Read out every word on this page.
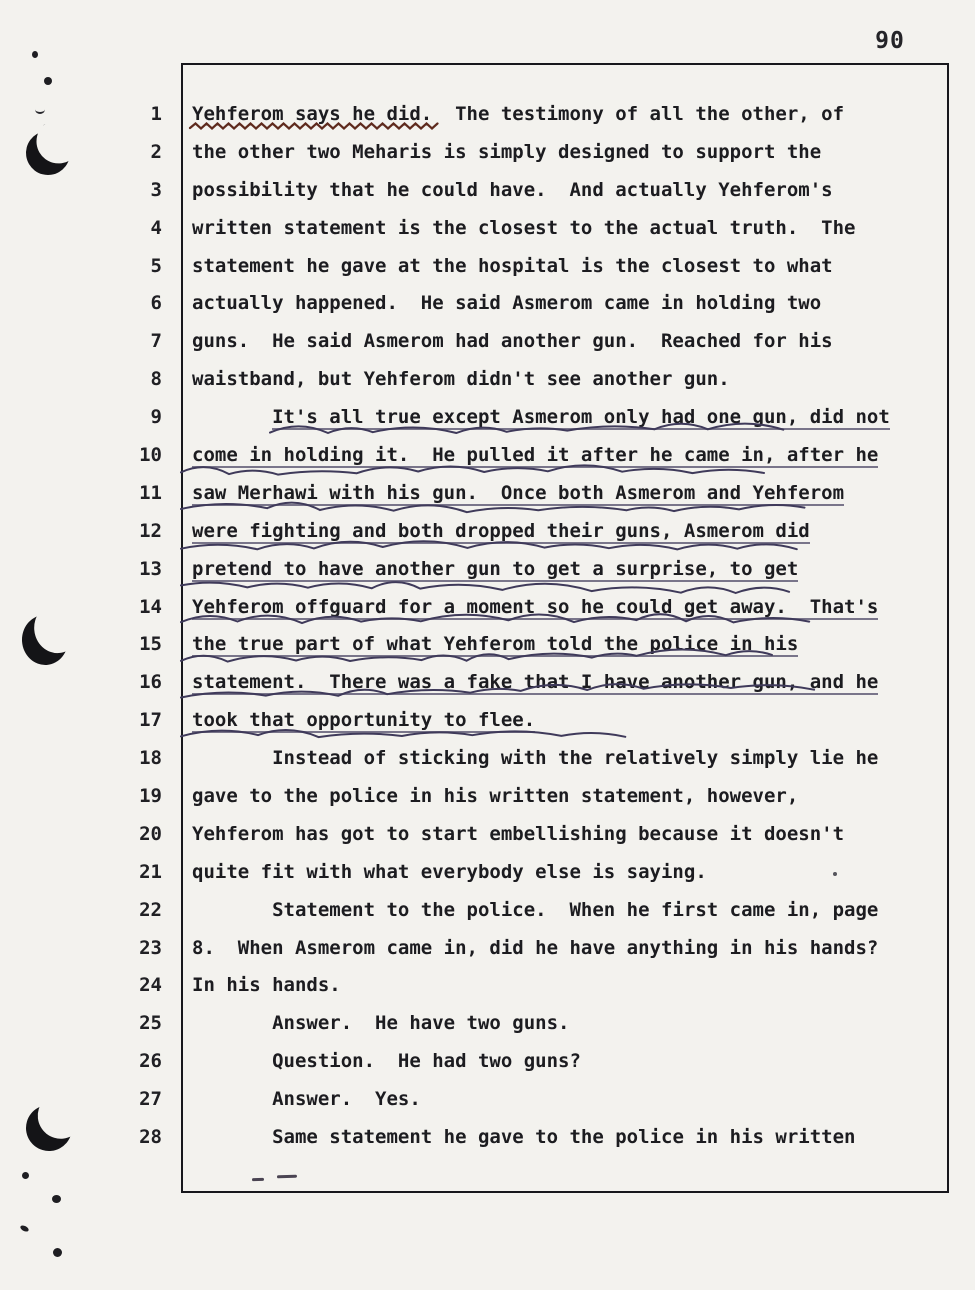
90
1	Yehferom says he did.  The testimony of all the other, of
2	the other two Meharis is simply designed to support the
3	possibility that he could have.  And actually Yehferom's
4	written statement is the closest to the actual truth.  The
5	statement he gave at the hospital is the closest to what
6	actually happened.  He said Asmerom came in holding two
7	guns.  He said Asmerom had another gun.  Reached for his
8	waistband, but Yehferom didn't see another gun.
9	It's all true except Asmerom only had one gun, did not
10	come in holding it.  He pulled it after he came in, after he
11	saw Merhawi with his gun.  Once both Asmerom and Yehferom
12	were fighting and both dropped their guns, Asmerom did
13	pretend to have another gun to get a surprise, to get
14	Yehferom offguard for a moment so he could get away.  That's
15	the true part of what Yehferom told the police in his
16	statement.  There was a fake that I have another gun, and he
17	took that opportunity to flee.
18	Instead of sticking with the relatively simply lie he
19	gave to the police in his written statement, however,
20	Yehferom has got to start embellishing because it doesn't
21	quite fit with what everybody else is saying.
22	Statement to the police.  When he first came in, page
23	8.  When Asmerom came in, did he have anything in his hands?
24	In his hands.
25	Answer.  He have two guns.
26	Question.  He had two guns?
27	Answer.  Yes.
28	Same statement he gave to the police in his written
